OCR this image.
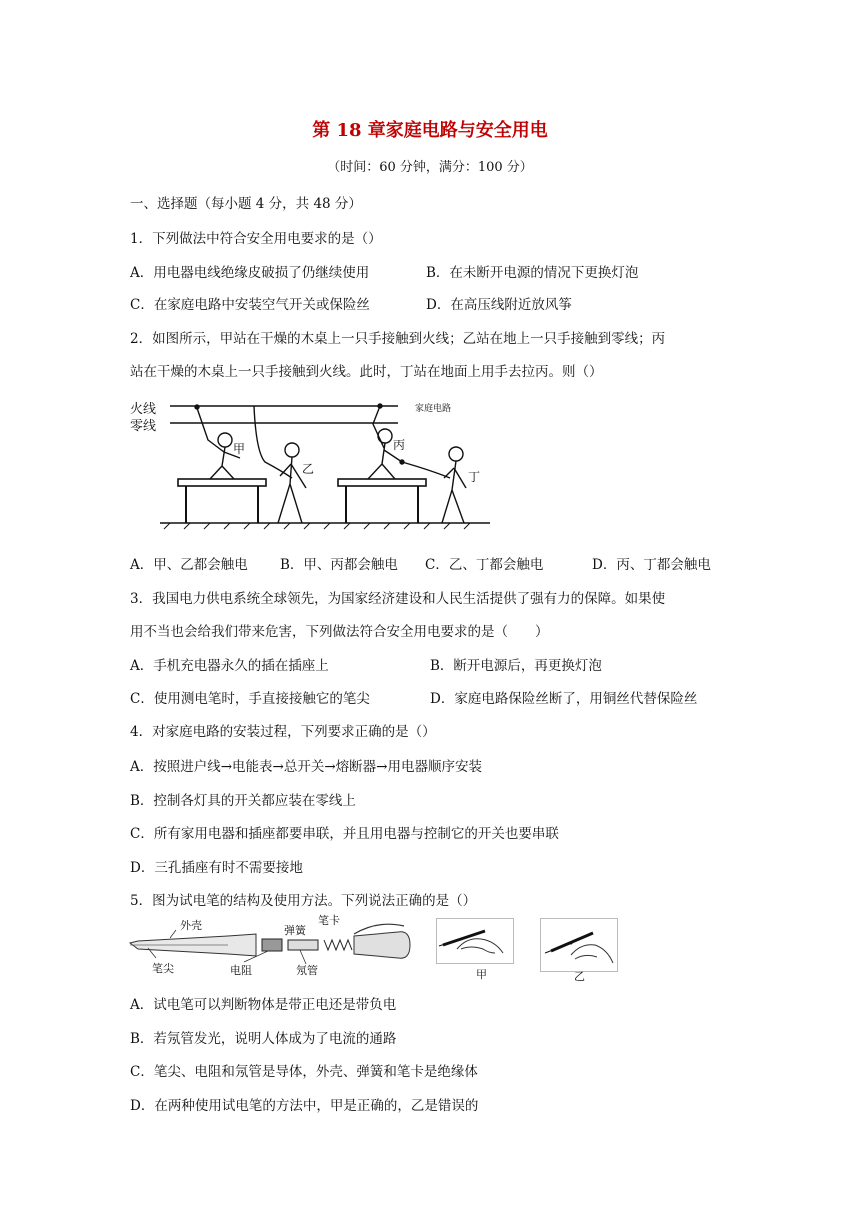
第 18 章家庭电路与安全用电
（时间：60 分钟，满分：100 分）
一、选择题（每小题 4 分，共 48 分）
1．下列做法中符合安全用电要求的是（）
A．用电器电线绝缘皮破损了仍继续使用	B．在未断开电源的情况下更换灯泡
C．在家庭电路中安装空气开关或保险丝	D．在高压线附近放风筝
2．如图所示，甲站在干燥的木桌上一只手接触到火线；乙站在地上一只手接触到零线；丙
站在干燥的木桌上一只手接触到火线。此时，丁站在地面上用手去拉丙。则（）
火线
零线
家庭电路
甲
乙
丙
丁
A．甲、乙都会触电 B．甲、丙都会触电 C．乙、丁都会触电	D．丙、丁都会触电
3．我国电力供电系统全球领先，为国家经济建设和人民生活提供了强有力的保障。如果使
用不当也会给我们带来危害，下列做法符合安全用电要求的是（　　）
A．手机充电器永久的插在插座上	B．断开电源后，再更换灯泡
C．使用测电笔时，手直接接触它的笔尖	D．家庭电路保险丝断了，用铜丝代替保险丝
4．对家庭电路的安装过程，下列要求正确的是（）
A．按照进户线→电能表→总开关→熔断器→用电器顺序安装
B．控制各灯具的开关都应装在零线上
C．所有家用电器和插座都要串联，并且用电器与控制它的开关也要串联
D．三孔插座有时不需要接地
5．图为试电笔的结构及使用方法。下列说法正确的是（）
外壳	弹簧
笔卡
笔尖	电阻	氖管	甲	乙
A．试电笔可以判断物体是带正电还是带负电
B．若氖管发光，说明人体成为了电流的通路
C．笔尖、电阻和氖管是导体，外壳、弹簧和笔卡是绝缘体
D．在两种使用试电笔的方法中，甲是正确的，乙是错误的
